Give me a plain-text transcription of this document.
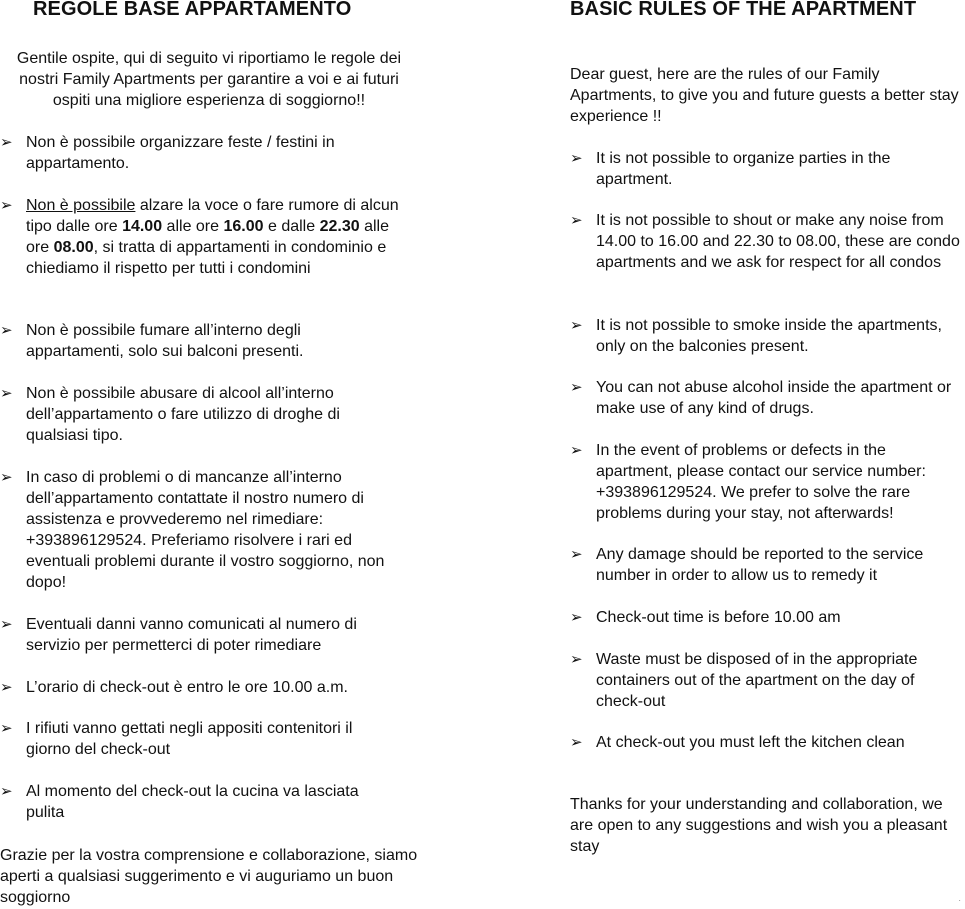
REGOLE BASE APPARTAMENTO

Gentile ospite, qui di seguito vi riportiamo le regole dei nostri Family Apartments per garantire a voi e ai futuri ospiti una migliore esperienza di soggiorno!!

➢ Non è possibile organizzare feste / festini in appartamento.
➢ Non è possibile alzare la voce o fare rumore di alcun tipo dalle ore 14.00 alle ore 16.00 e dalle 22.30 alle ore 08.00, si tratta di appartamenti in condominio e chiediamo il rispetto per tutti i condomini
➢ Non è possibile fumare all’interno degli appartamenti, solo sui balconi presenti.
➢ Non è possibile abusare di alcool all’interno dell’appartamento o fare utilizzo di droghe di qualsiasi tipo.
➢ In caso di problemi o di mancanze all’interno dell’appartamento contattate il nostro numero di assistenza e provvederemo nel rimediare: +393896129524. Preferiamo risolvere i rari ed eventuali problemi durante il vostro soggiorno, non dopo!
➢ Eventuali danni vanno comunicati al numero di servizio per permetterci di poter rimediare
➢ L’orario di check-out è entro le ore 10.00 a.m.
➢ I rifiuti vanno gettati negli appositi contenitori il giorno del check-out
➢ Al momento del check-out la cucina va lasciata pulita

Grazie per la vostra comprensione e collaborazione, siamo aperti a qualsiasi suggerimento e vi auguriamo un buon soggiorno

BASIC RULES OF THE APARTMENT

Dear guest, here are the rules of our Family Apartments, to give you and future guests a better stay experience !!

➢ It is not possible to organize parties in the apartment.
➢ It is not possible to shout or make any noise from 14.00 to 16.00 and 22.30 to 08.00, these are condo apartments and we ask for respect for all condos
➢ It is not possible to smoke inside the apartments, only on the balconies present.
➢ You can not abuse alcohol inside the apartment or make use of any kind of drugs.
➢ In the event of problems or defects in the apartment, please contact our service number: +393896129524. We prefer to solve the rare problems during your stay, not afterwards!
➢ Any damage should be reported to the service number in order to allow us to remedy it
➢ Check-out time is before 10.00 am
➢ Waste must be disposed of in the appropriate containers out of the apartment on the day of check-out
➢ At check-out you must left the kitchen clean

Thanks for your understanding and collaboration, we are open to any suggestions and wish you a pleasant stay

·
